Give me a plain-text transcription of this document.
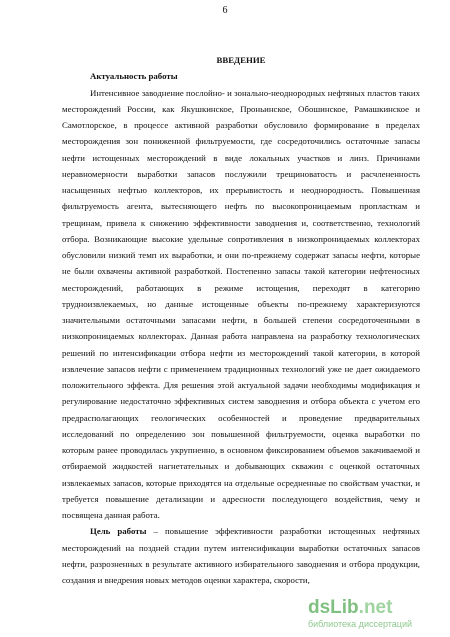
6
ВВЕДЕНИЕ
Актуальность работы

Интенсивное заводнение послойно- и зонально-неоднородных нефтяных пластов таких месторождений России, как Якушкинское, Проньинское, Обошинское, Рамашкинское и Самотлорское, в процессе активной разработки обусловило формирование в пределах месторождения зон пониженной фильтруемости, где сосредоточились остаточные запасы нефти истощенных месторождений в виде локальных участков и линз. Причинами неравномерности выработки запасов послужили трещиноватость и расчлененность насыщенных нефтью коллекторов, их прерывистость и неоднородность. Повышенная фильтруемость агента, вытесняющего нефть по высокопроницаемым пропласткам и трещинам, привела к снижению эффективности заводнения и, соответственно, технологий отбора. Возникающие высокие удельные сопротивления в низкопроницаемых коллекторах обусловили низкий темп их выработки, и они по-прежнему содержат запасы нефти, которые не были охвачены активной разработкой. Постепенно запасы такой категории нефтеносных месторождений, работающих в режиме истощения, переходят в категорию трудноизвлекаемых, но данные истощенные объекты по-прежнему характеризуются значительными остаточными запасами нефти, в большей степени сосредоточенными в низкопроницаемых коллекторах. Данная работа направлена на разработку технологических решений по интенсификации отбора нефти из месторождений такой категории, в которой извлечение запасов нефти с применением традиционных технологий уже не дает ожидаемого положительного эффекта. Для решения этой актуальной задачи необходимы модификация и регулирование недостаточно эффективных систем заводнения и отбора объекта с учетом его предрасполагающих геологических особенностей и проведение предварительных исследований по определению зон повышенной фильтруемости, оценка выработки по которым ранее проводилась укрупненно, в основном фиксированием объемов закачиваемой и отбираемой жидкостей нагнетательных и добывающих скважин с оценкой остаточных извлекаемых запасов, которые приходятся на отдельные осредненные по свойствам участки, и требуется повышение детализации и адресности последующего воздействия, чему и посвящена данная работа.

Цель работы – повышение эффективности разработки истощенных нефтяных месторождений на поздней стадии путем интенсификации выработки остаточных запасов нефти, разрозненных в результате активного избирательного заводнения и отбора продукции, создания и внедрения новых методов оценки характера, скорости,

dsLib.net
библиотека диссертаций
